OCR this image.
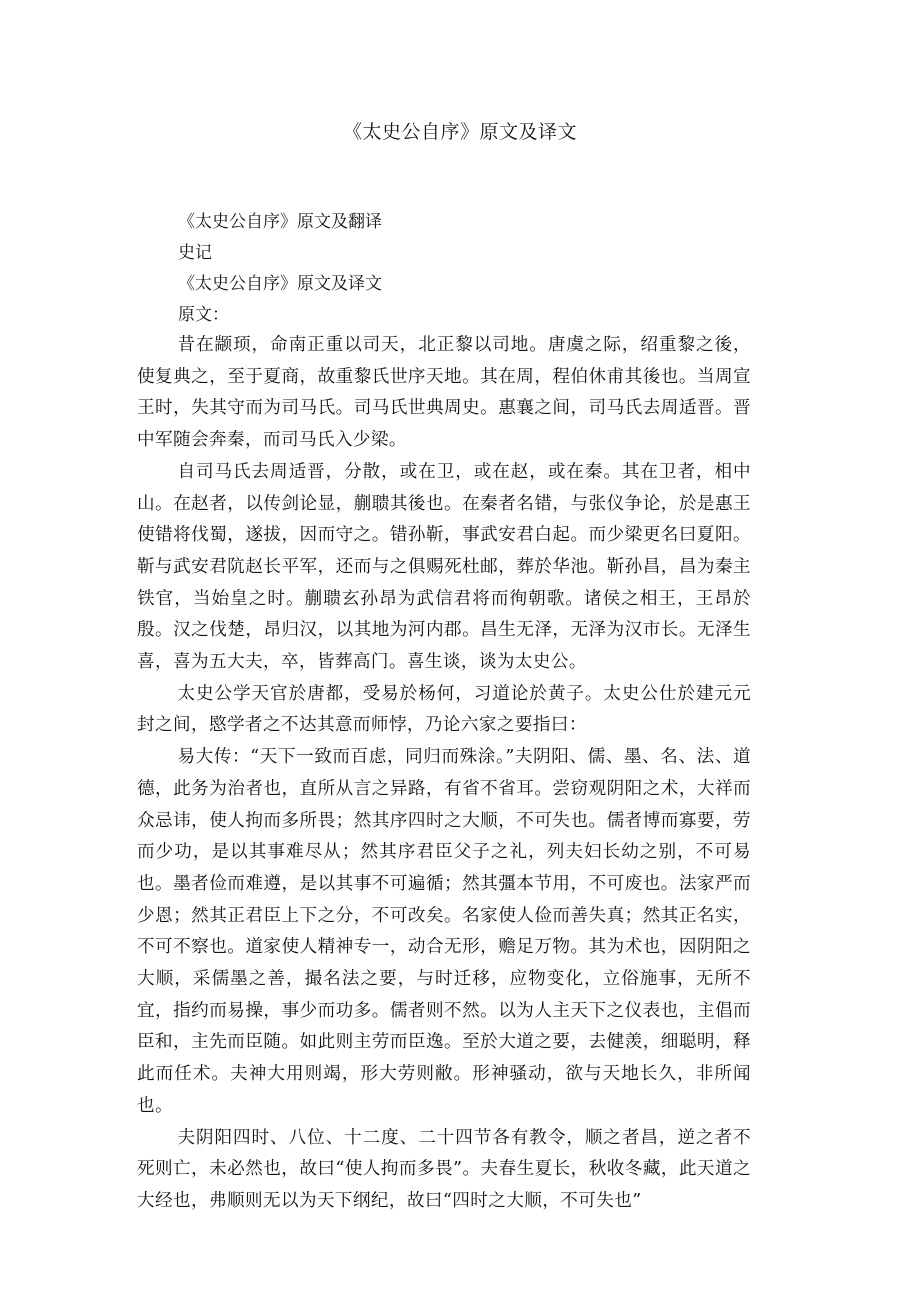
《太史公自序》原文及译文
《太史公自序》原文及翻译
史记
《太史公自序》原文及译文
原文：

昔在颛顼，命南正重以司天，北正黎以司地。唐虞之际，绍重黎之後，使复典之，至于夏商，故重黎氏世序天地。其在周，程伯休甫其後也。当周宣王时，失其守而为司马氏。司马氏世典周史。惠襄之间，司马氏去周适晋。晋中军随会奔秦，而司马氏入少梁。

自司马氏去周适晋，分散，或在卫，或在赵，或在秦。其在卫者，相中山。在赵者，以传剑论显，蒯聩其後也。在秦者名错，与张仪争论，於是惠王使错将伐蜀，遂拔，因而守之。错孙靳，事武安君白起。而少梁更名曰夏阳。靳与武安君阬赵长平军，还而与之俱赐死杜邮，葬於华池。靳孙昌，昌为秦主铁官，当始皇之时。蒯聩玄孙昂为武信君将而徇朝歌。诸侯之相王，王昂於殷。汉之伐楚，昂归汉，以其地为河内郡。昌生无泽，无泽为汉市长。无泽生喜，喜为五大夫，卒，皆葬高门。喜生谈，谈为太史公。

太史公学天官於唐都，受易於杨何，习道论於黄子。太史公仕於建元元封之间，愍学者之不达其意而师悖，乃论六家之要指曰：

易大传：“天下一致而百虑，同归而殊涂。”夫阴阳、儒、墨、名、法、道德，此务为治者也，直所从言之异路，有省不省耳。尝窃观阴阳之术，大祥而众忌讳，使人拘而多所畏；然其序四时之大顺，不可失也。儒者博而寡要，劳而少功，是以其事难尽从；然其序君臣父子之礼，列夫妇长幼之别，不可易也。墨者俭而难遵，是以其事不可遍循；然其彊本节用，不可废也。法家严而少恩；然其正君臣上下之分，不可改矣。名家使人俭而善失真；然其正名实，不可不察也。道家使人精神专一，动合无形，赡足万物。其为术也，因阴阳之大顺，采儒墨之善，撮名法之要，与时迁移，应物变化，立俗施事，无所不宜，指约而易操，事少而功多。儒者则不然。以为人主天下之仪表也，主倡而臣和，主先而臣随。如此则主劳而臣逸。至於大道之要，去健羡，细聪明，释此而任术。夫神大用则竭，形大劳则敝。形神骚动，欲与天地长久，非所闻也。

夫阴阳四时、八位、十二度、二十四节各有教令，顺之者昌，逆之者不死则亡，未必然也，故曰“使人拘而多畏”。夫春生夏长，秋收冬藏，此天道之大经也，弗顺则无以为天下纲纪，故曰“四时之大顺，不可失也”
